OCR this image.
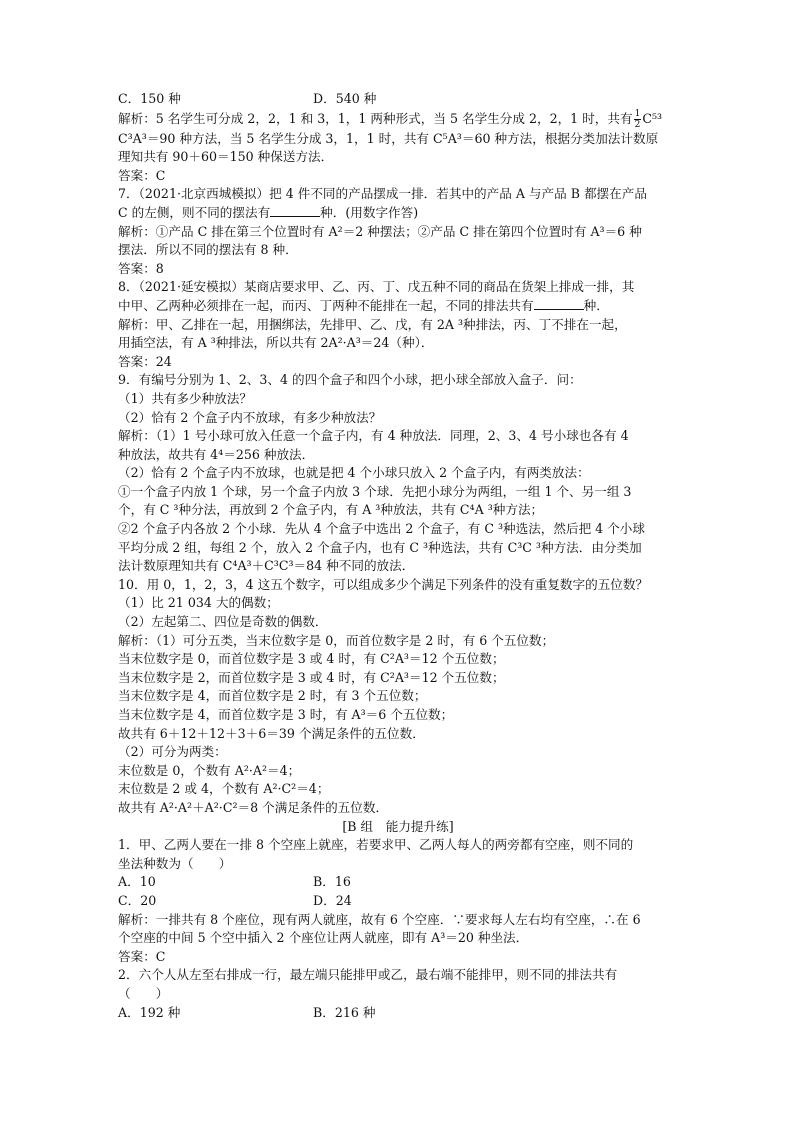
C．150 种	D．540 种
解析：5 名学生可分成 2，2，1 和 3，1，1 两种形式，当 5 名学生分成 2，2，1 时，共有 $\frac{1}{2} C^{53}$
C³A³＝90 种方法，当 5 名学生分成 3，1，1 时，共有 C⁵A³＝60 种方法，根据分类加法计数原
理知共有 90＋60＝150 种保送方法．
答案：C
7．（2021·北京西城模拟）把 4 件不同的产品摆成一排．若其中的产品 A 与产品 B 都摆在产品
C 的左侧，则不同的摆法有	种．(用数字作答)
解析：①产品 C 排在第三个位置时有 A²＝2 种摆法；②产品 C 排在第四个位置时有 A³＝6 种
摆法．所以不同的摆法有 8 种．
答案：8
8．（2021·延安模拟）某商店要求甲、乙、丙、丁、戊五种不同的商品在货架上排成一排，其
中甲、乙两种必须排在一起，而丙、丁两种不能排在一起，不同的排法共有	种．
解析：甲、乙排在一起，用捆绑法，先排甲、乙、戊，有 2A ³种排法，丙、丁不排在一起，
用插空法，有 A ³种排法，所以共有 2A²·A³＝24（种）．
答案：24
9．有编号分别为 1、2、3、4 的四个盒子和四个小球，把小球全部放入盒子．问：
（1）共有多少种放法？
（2）恰有 2 个盒子内不放球，有多少种放法？
解析：（1）1 号小球可放入任意一个盒子内，有 4 种放法．同理，2、3、4 号小球也各有 4
种放法，故共有 4⁴＝256 种放法．
（2）恰有 2 个盒子内不放球，也就是把 4 个小球只放入 2 个盒子内，有两类放法：
①一个盒子内放 1 个球，另一个盒子内放 3 个球．先把小球分为两组，一组 1 个、另一组 3
个，有 C ³种分法，再放到 2 个盒子内，有 A ³种放法，共有 C⁴A ³种方法；
②2 个盒子内各放 2 个小球．先从 4 个盒子中选出 2 个盒子，有 C ³种选法，然后把 4 个小球
平均分成 2 组，每组 2 个，放入 2 个盒子内，也有 C ³种选法，共有 C³C ³种方法．由分类加
法计数原理知共有 C⁴A³＋C³C³＝84 种不同的放法．
10．用 0，1，2，3，4 这五个数字，可以组成多少个满足下列条件的没有重复数字的五位数？
（1）比 21 034 大的偶数；
（2）左起第二、四位是奇数的偶数．
解析：（1）可分五类，当末位数字是 0，而首位数字是 2 时，有 6 个五位数；
当末位数字是 0，而首位数字是 3 或 4 时，有 C²A³＝12 个五位数；
当末位数字是 2，而首位数字是 3 或 4 时，有 C²A³＝12 个五位数；
当末位数字是 4，而首位数字是 2 时，有 3 个五位数；
当末位数字是 4，而首位数字是 3 时，有 A³＝6 个五位数；
故共有 6＋12＋12＋3＋6＝39 个满足条件的五位数．
（2）可分为两类：
末位数是 0，个数有 A²·A²＝4；
末位数是 2 或 4，个数有 A²·C²＝4；
故共有 A²·A²＋A²·C²＝8 个满足条件的五位数．
[B 组　能力提升练]
1．甲、乙两人要在一排 8 个空座上就座，若要求甲、乙两人每人的两旁都有空座，则不同的
坐法种数为（　　）
A．10	B．16
C．20	D．24
解析：一排共有 8 个座位，现有两人就座，故有 6 个空座．∵要求每人左右均有空座，∴在 6
个空座的中间 5 个空中插入 2 个座位让两人就座，即有 A³＝20 种坐法．
答案：C
2．六个人从左至右排成一行，最左端只能排甲或乙，最右端不能排甲，则不同的排法共有
（　　）
A．192 种	B．216 种
